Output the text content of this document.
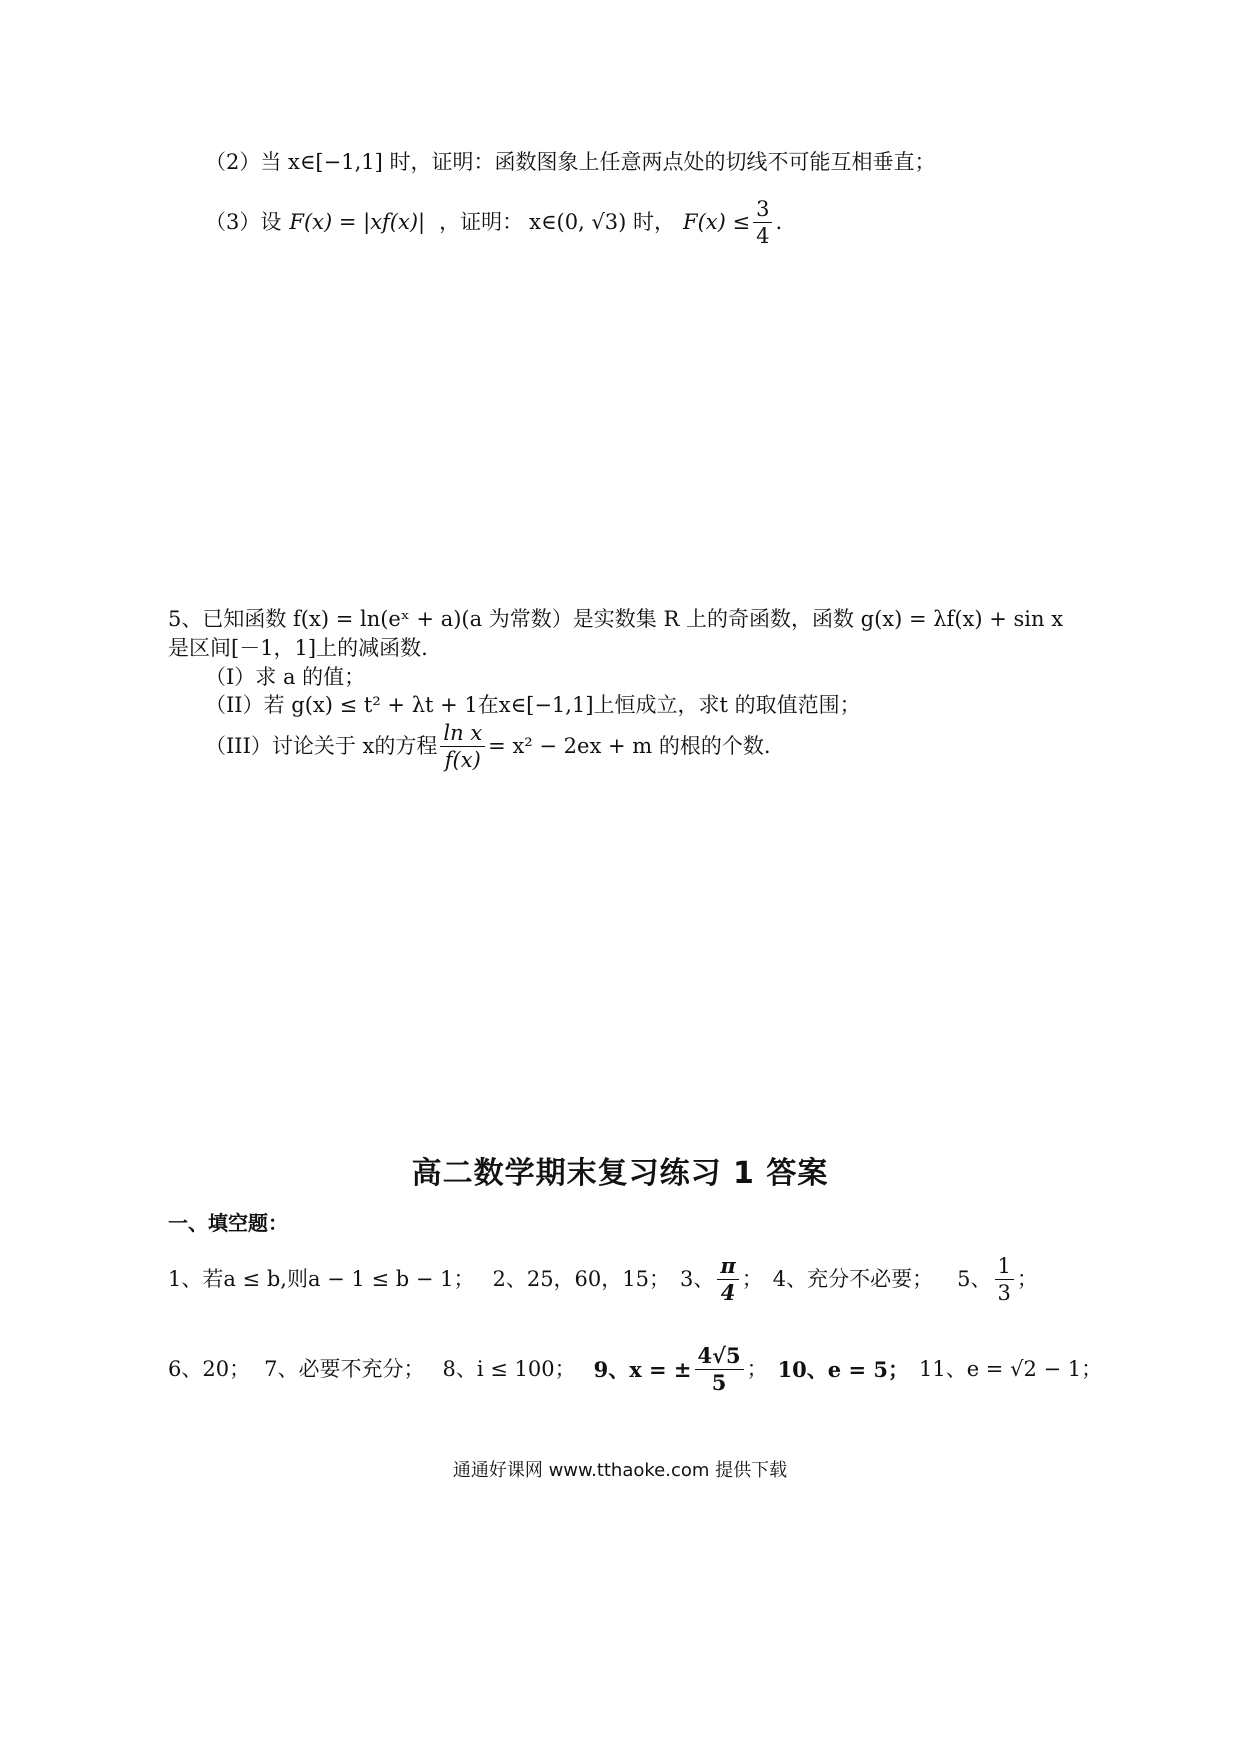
（2）当 x∈[−1,1] 时，证明：函数图象上任意两点处的切线不可能互相垂直；
（3）设 F(x) = |xf(x)| ，证明： x∈(0, √3) 时， $F(x) \le \frac{3}{4}$ .
5、已知函数 f(x) = ln(eˣ + a)(a 为常数）是实数集 R 上的奇函数，函数 g(x) = λf(x) + sin x
是区间[－1，1]上的减函数.
（I）求 a 的值；
（II）若 g(x) ≤ t² + λt + 1在x∈[−1,1]上恒成立，求t 的取值范围；
（III）讨论关于 x的方程 $\frac{\text{ln x}}{f(x)} = x^2 - 2ex + m$ 的根的个数.
高二数学期末复习练习 1 答案
一、填空题：
1、若a ≤ b,则a − 1 ≤ b − 1； 2、25，60，15； 3、 $\frac{\pi}{4}$ ； 4、充分不必要； 5、 $\frac{1}{3}$ ；
6、20； 7、必要不充分； 8、i ≤ 100； 9、x = ± $\frac{4√5}{5}$ ； 10、e = 5； 11、e = √2 − 1；
通通好课网 www.tthaoke.com 提供下载
